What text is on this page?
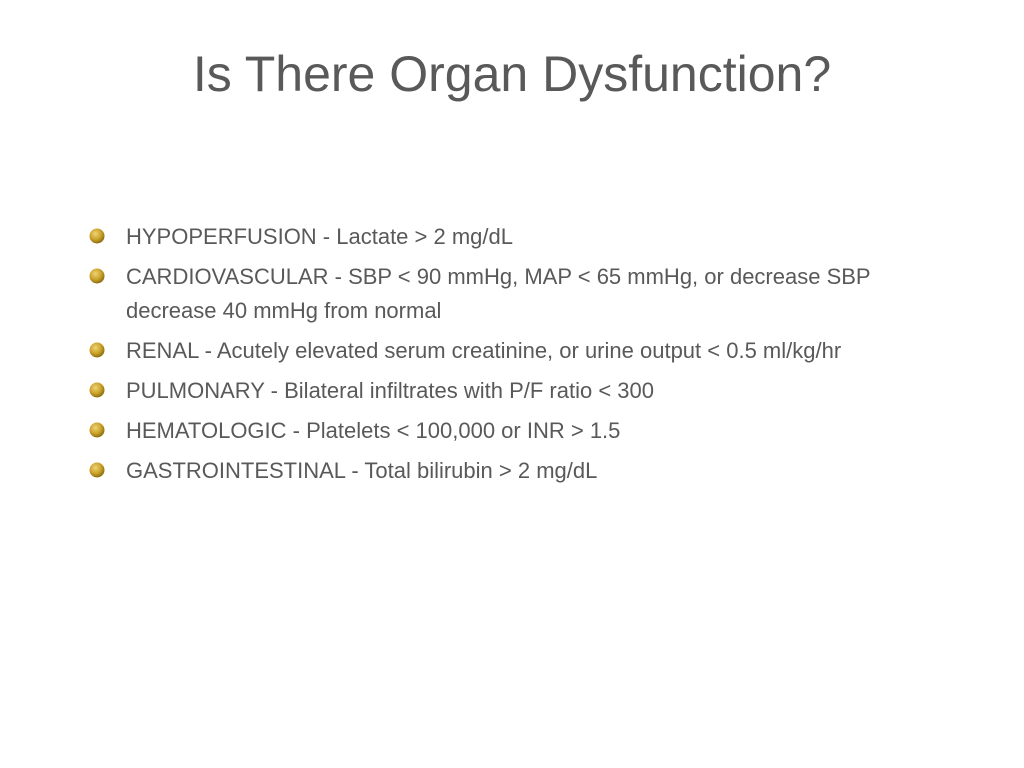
Is There Organ Dysfunction?
HYPOPERFUSION - Lactate > 2 mg/dL
CARDIOVASCULAR - SBP < 90 mmHg, MAP < 65 mmHg, or decrease SBP decrease 40 mmHg from normal
RENAL - Acutely elevated serum creatinine, or urine output < 0.5 ml/kg/hr
PULMONARY - Bilateral infiltrates with P/F ratio < 300
HEMATOLOGIC - Platelets < 100,000 or INR > 1.5
GASTROINTESTINAL - Total bilirubin > 2 mg/dL
